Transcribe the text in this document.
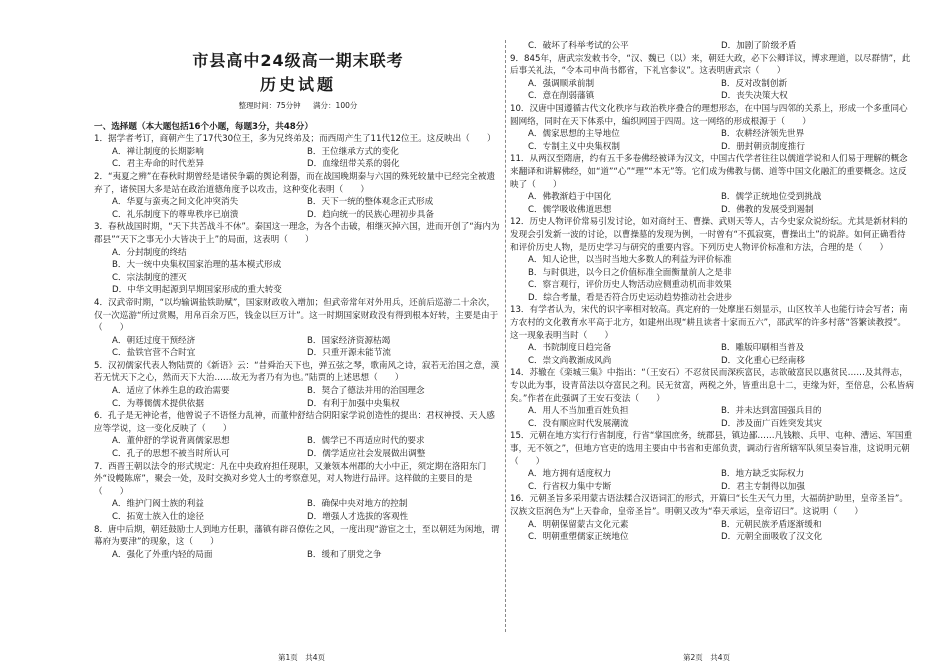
市县高中24级高一期末联考
历史试题
整理时间：75分钟 满分：100分
一、选择题（本大题包括16个小题，每题3分，共48分）
1．据学者考订，商朝产生了17代30位王，多为兄终弟及；而西周产生了11代12位王。这反映出（　　）
A．禅让制度的长期影响	B．王位继承方式的变化
C．君主寿命的时代差异	D．血缘纽带关系的弱化
2．“夷夏之辨”在春秋时期曾经是诸侯争霸的舆论利器，而在战国晚期秦与六国的殊死较量中已经完全被遗弃了，诸侯国大多是站在政治道德角度予以攻击，这种变化表明（　　）
A．华夏与蛮夷之间文化冲突消失	B．天下一统的整体观念正式形成
C．礼乐制度下的尊卑秩序已崩溃	D．趋向统一的民族心理初步具备
3．春秋战国时期，“天下共苦战斗不休”。秦国这一理念，为各个击破，相继灭掉六国，进而开创了“海内为郡县”“天下之事无小大皆决于上”的局面，这表明（　　）
A．分封制度的终结
B．大一统中央集权国家治理的基本模式形成
C．宗法制度的湮灭
D．中华文明起源到早期国家形成的重大转变
4．汉武帝时期，“以均输调盐铁助赋”，国家财政收入增加；但武帝常年对外用兵，还前后巡游二十余次，仅一次巡游“所过赏赐，用帛百余万匹，钱金以巨万计”。这一时期国家财政没有得到根本好转，主要是由于（　　）
A．朝廷过度干预经济	B．国家经济资源枯竭
C．盐铁官营不合时宜	D．只重开源未能节流
5．汉初儒家代表人物陆贾的《新语》云：“昔舜治天下也，弹五弦之琴，歌南风之诗，寂若无治国之意，漠若无忧天下之心，然而天下大治……故无为者乃有为也。”陆贾的上述思想（　　）
A．适应了休养生息的政治需要	B．契合了德法并用的治国理念
C．为尊儒儒术提供依据	D．有利于加强中央集权
6．孔子是无神论者，他曾说子不语怪力乱神，而董仲舒结合阴阳家学说创造性的提出：君权神授、天人感应等学说，这一变化反映了（　　）
A．董仲舒的学说背离儒家思想	B．儒学已不再适应时代的要求
C．孔子的思想不被当时所认可	D．儒学适应社会发展做出调整
7．西晋王朝以法令的形式规定：凡在中央政府担任现职，又兼领本州郡的大小中正，须定期在洛阳东门外“设幔陈席”，聚会一处，及时交换对乡党人士的考察意见，对人物进行品评。这样做的主要目的是（　　）
A．维护门阀士族的利益	B．确保中央对地方的控制
C．拓宽士族入仕的途径	D．增强人才选拔的客观性
8．唐中后期，朝廷鼓励士人到地方任职，藩镇有辟召僚佐之风，一度出现“游宦之士，至以朝廷为闲地，谓幕府为要津”的现象，这（　　）
A．强化了外重内轻的局面	B．缓和了朋党之争
C．破坏了科举考试的公平	D．加剧了阶级矛盾
9．845年，唐武宗发敕书令，“汉、魏已（以）来，朝廷大政，必下公卿详议，博求理道，以尽群情”，此后事关礼法，“令本司申尚书都省，下礼官参议”。这表明唐武宗（　　）
A．强调顺承前制	B．反对改制创新
C．意在削弱藩镇	D．丧失决策大权
10．汉唐中国遵循古代文化秩序与政治秩序叠合的理想形态，在中国与四邻的关系上，形成一个多重同心圆网络，同时在天下体系中，编织网国于四周。这一网络的形成根源于（　　）
A．儒家思想的主导地位	B．农耕经济领先世界
C．专制主义中央集权制	D．册封朝贡制度推行
11．从两汉至隋唐，约有五千多卷佛经被译为汉文，中国古代学者往往以儒道学说和人们易于理解的概念来翻译和讲解佛经，如“道”“心”“理”“本无”等。它们成为佛教与儒、道等中国文化融汇的重要概念。这反映了（　　）
A．佛教渐趋于中国化	B．儒学正统地位受到挑战
C．儒学吸收佛道思想	D．佛教的发展受到遏制
12．历史人物评价常易引发讨论，如对商纣王、曹操、武则天等人，古今史家众说纷纭。尤其是新材料的发现会引发新一波的讨论，以曹操墓的发现为例，一时曾有“不孤寂寞，曹操出土”的说辞。如何正确看待和评价历史人物，是历史学习与研究的重要内容。下列历史人物评价标准和方法，合理的是（　　）
A．知人论世，以当时当地大多数人的利益为评价标准
B．与时俱进，以今日之价值标准全面衡量前人之是非
C．察言观行，评价历史人物活动应侧重动机而非效果
D．综合考量，看是否符合历史运动趋势推动社会进步
13．有学者认为，宋代的识字率相对较高。真定府的一处摩崖石刻显示，山区牧羊人也能行诗会写者；南方农村的文化教育水平高于北方，如建州出现“耕且读者十家而五六”，邵武军的许多村落“答繁读教授”。这一现象表明当时（　　）
A．书院制度日趋完备	B．雕版印刷相当普及
C．崇文尚教渐成风尚	D．文化重心已经南移
14．苏辙在《栾城三集》中指出：“（王安石）不忍贫民而深疾富民，志欲破富民以惠贫民……及其得志，专以此为事，设青苗法以夺富民之利。民无贫富，两税之外，皆重出息十二，吏缘为奸，至倍息，公私皆病矣。”作者在此强调了王安石变法（　　）
A．用人不当加重百姓负担	B．并未达到富国强兵目的
C．没有顺应时代发展潮流	D．涉及面广百姓突发其灾
15．元朝在地方实行行省制度，行省“掌国庶务，统郡县，镇边鄙……凡钱粮、兵甲、屯种、漕运、军国重事，无不领之”，但地方官吏的选用主要由中书省和吏部负责，调动行省所辖军队须呈奏旨准，这说明元朝（　　）
A．地方拥有适度权力	B．地方缺乏实际权力
C．行省权力集中专断	D．君主专制得以加强
16．元朝圣旨多采用蒙古语法糅合汉语词汇的形式，开篇曰“长生天气力里，大福荫护助里，皇帝圣旨”。汉族文臣润色为“上天眷命，皇帝圣旨”。明朝又改为“奉天承运，皇帝诏曰”。这说明（　　）
A．明朝保留蒙古文化元素	B．元朝民族矛盾逐渐缓和
C．明朝重塑儒家正统地位	D．元朝全面吸收了汉文化
第1页　共4页	第2页　共4页
